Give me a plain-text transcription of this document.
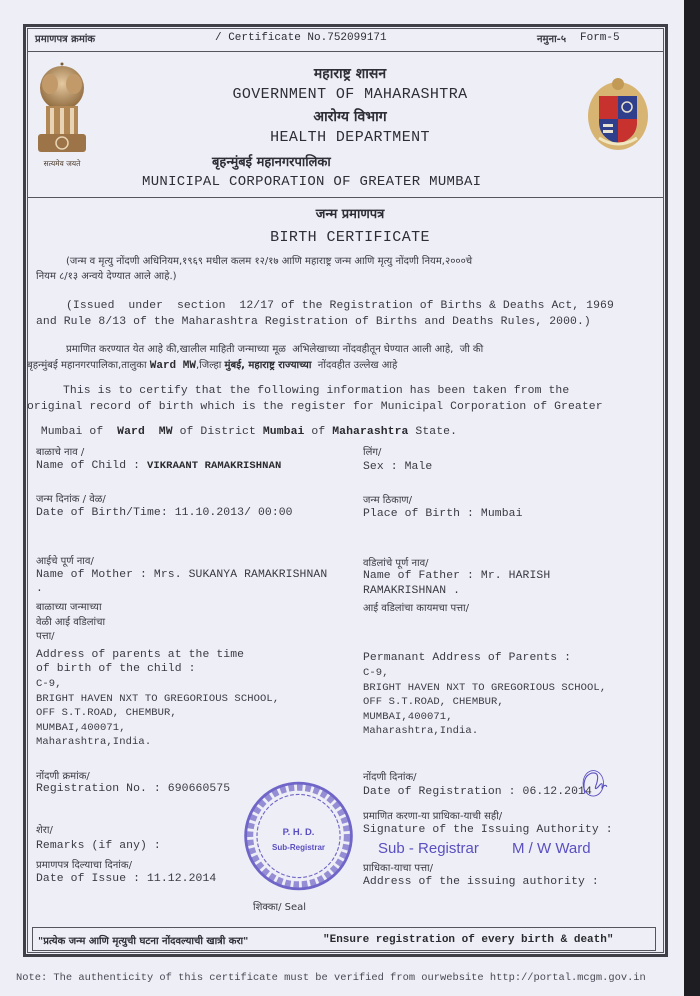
प्रमाणपत्र क्रमांक	/ Certificate No.752099171	नमुना-५ Form-5
सत्यमेव जयते
महाराष्ट्र शासन
GOVERNMENT OF MAHARASHTRA
आरोग्य विभाग
HEALTH DEPARTMENT
बृहन्मुंबई महानगरपालिका
MUNICIPAL CORPORATION OF GREATER MUMBAI
जन्म प्रमाणपत्र
BIRTH CERTIFICATE
(जन्म व मृत्यु नोंदणी अधिनियम,१९६९ मधील कलम १२/१७ आणि महाराष्ट्र जन्म आणि मृत्यु नोंदणी नियम,२०००चे
नियम ८/१३ अन्वये देण्यात आले आहे.)
(Issued  under  section  12/17 of the Registration of Births & Deaths Act, 1969
and Rule 8/13 of the Maharashtra Registration of Births and Deaths Rules, 2000.)
प्रमाणित करण्यात येत आहे की,खालील माहिती जन्माच्या मूळ  अभिलेखाच्या नोंदवहीतून घेण्यात आली आहे,  जी की
बृहन्मुंबई महानगरपालिका,तालुका Ward MW,जिल्हा मुंबई, महाराष्ट्र राज्याच्या  नोंदवहीत उल्लेख आहे
This is to certify that the following information has been taken from the
original record of birth which is the register for Municipal Corporation of Greater

Mumbai of  Ward  MW of District Mumbai of Maharashtra State.

बाळाचे नाव /
Name of Child : VIKRAANT RAMAKRISHNAN
लिंग/
Sex : Male
जन्म दिनांक / वेळ/
Date of Birth/Time: 11.10.2013/ 00:00
जन्म ठिकाण/
Place of Birth : Mumbai
आईचे पूर्ण नाव/
Name of Mother : Mrs. SUKANYA RAMAKRISHNAN
.
वडिलांचे पूर्ण नाव/
Name of Father : Mr. HARISH
RAMAKRISHNAN .
बाळाच्या जन्माच्या
वेळी आई वडिलांचा
पत्ता/
आई वडिलांचा कायमचा पत्ता/
Address of parents at the time
of birth of the child :
C-9,
BRIGHT HAVEN NXT TO GREGORIOUS SCHOOL,
OFF S.T.ROAD, CHEMBUR,
MUMBAI,400071,
Maharashtra,India.
Permanant Address of Parents :
C-9,
BRIGHT HAVEN NXT TO GREGORIOUS SCHOOL,
OFF S.T.ROAD, CHEMBUR,
MUMBAI,400071,
Maharashtra,India.
नोंदणी क्रमांक/
Registration No. : 690660575
नोंदणी दिनांक/
Date of Registration : 06.12.2014
शेरा/
Remarks (if any) :
प्रमाणपत्र दिल्याचा दिनांक/
Date of Issue : 11.12.2014
प्रमाणित करणा-या प्राधिका-याची सही/
Signature of the Issuing Authority :
प्राधिका-याचा पत्ता/
Address of the issuing authority :
Sub - Registrar M / W Ward
शिक्का/ Seal
P. H. D.
Sub-Registrar
"प्रत्येक जन्म आणि मृत्युची घटना नोंदवल्याची खात्री करा"	"Ensure registration of every birth & death"
Note: The authenticity of this certificate must be verified from ourwebsite http://portal.mcgm.gov.in
